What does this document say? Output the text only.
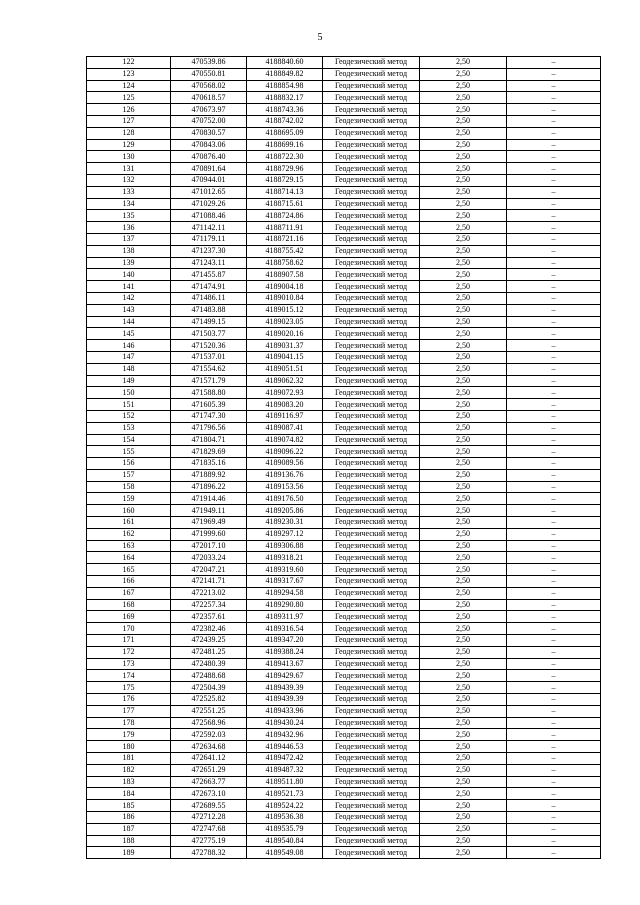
5
122	470539.86	4188840.60	Геодезический метод	2,50	–
123	470550.81	4188849.82	Геодезический метод	2,50	–
124	470568.02	4188854.98	Геодезический метод	2,50	–
125	470618.57	4188832.17	Геодезический метод	2,50	–
126	470673.97	4188743.36	Геодезический метод	2,50	–
127	470752.00	4188742.02	Геодезический метод	2,50	–
128	470830.57	4188695.09	Геодезический метод	2,50	–
129	470843.06	4188699.16	Геодезический метод	2,50	–
130	470876.40	4188722.30	Геодезический метод	2,50	–
131	470891.64	4188729.96	Геодезический метод	2,50	–
132	470944.01	4188729.15	Геодезический метод	2,50	–
133	471012.65	4188714.13	Геодезический метод	2,50	–
134	471029.26	4188715.61	Геодезический метод	2,50	–
135	471088.46	4188724.86	Геодезический метод	2,50	–
136	471142.11	4188711.91	Геодезический метод	2,50	–
137	471179.11	4188721.16	Геодезический метод	2,50	–
138	471237.30	4188755.42	Геодезический метод	2,50	–
139	471243.11	4188758.62	Геодезический метод	2,50	–
140	471455.87	4188907.58	Геодезический метод	2,50	–
141	471474.91	4189004.18	Геодезический метод	2,50	–
142	471486.11	4189010.84	Геодезический метод	2,50	–
143	471483.88	4189015.12	Геодезический метод	2,50	–
144	471499.15	4189023.05	Геодезический метод	2,50	–
145	471503.77	4189020.16	Геодезический метод	2,50	–
146	471520.36	4189031.37	Геодезический метод	2,50	–
147	471537.01	4189041.15	Геодезический метод	2,50	–
148	471554.62	4189051.51	Геодезический метод	2,50	–
149	471571.79	4189062.32	Геодезический метод	2,50	–
150	471588.80	4189072.93	Геодезический метод	2,50	–
151	471605.39	4189083.20	Геодезический метод	2,50	–
152	471747.30	4189116.97	Геодезический метод	2,50	–
153	471796.56	4189087.41	Геодезический метод	2,50	–
154	471804.71	4189074.82	Геодезический метод	2,50	–
155	471829.69	4189096.22	Геодезический метод	2,50	–
156	471835.16	4189089.56	Геодезический метод	2,50	–
157	471889.92	4189136.76	Геодезический метод	2,50	–
158	471896.22	4189153.56	Геодезический метод	2,50	–
159	471914.46	4189176.50	Геодезический метод	2,50	–
160	471949.11	4189205.86	Геодезический метод	2,50	–
161	471969.49	4189230.31	Геодезический метод	2,50	–
162	471999.60	4189297.12	Геодезический метод	2,50	–
163	472017.10	4189306.88	Геодезический метод	2,50	–
164	472033.24	4189318.21	Геодезический метод	2,50	–
165	472047.21	4189319.60	Геодезический метод	2,50	–
166	472141.71	4189317.67	Геодезический метод	2,50	–
167	472213.02	4189294.58	Геодезический метод	2,50	–
168	472257.34	4189290.80	Геодезический метод	2,50	–
169	472357.61	4189311.97	Геодезический метод	2,50	–
170	472382.46	4189316.54	Геодезический метод	2,50	–
171	472439.25	4189347.20	Геодезический метод	2,50	–
172	472481.25	4189388.24	Геодезический метод	2,50	–
173	472480.39	4189413.67	Геодезический метод	2,50	–
174	472488.68	4189429.67	Геодезический метод	2,50	–
175	472504.39	4189439.39	Геодезический метод	2,50	–
176	472525.82	4189439.39	Геодезический метод	2,50	–
177	472551.25	4189433.96	Геодезический метод	2,50	–
178	472568.96	4189430.24	Геодезический метод	2,50	–
179	472592.03	4189432.96	Геодезический метод	2,50	–
180	472634.68	4189446.53	Геодезический метод	2,50	–
181	472641.12	4189472.42	Геодезический метод	2,50	–
182	472651.29	4189487.32	Геодезический метод	2,50	–
183	472663.77	4189511.80	Геодезический метод	2,50	–
184	472673.10	4189521.73	Геодезический метод	2,50	–
185	472689.55	4189524.22	Геодезический метод	2,50	–
186	472712.28	4189536.38	Геодезический метод	2,50	–
187	472747.68	4189535.79	Геодезический метод	2,50	–
188	472775.19	4189540.84	Геодезический метод	2,50	–
189	472788.32	4189549.08	Геодезический метод	2,50	–
